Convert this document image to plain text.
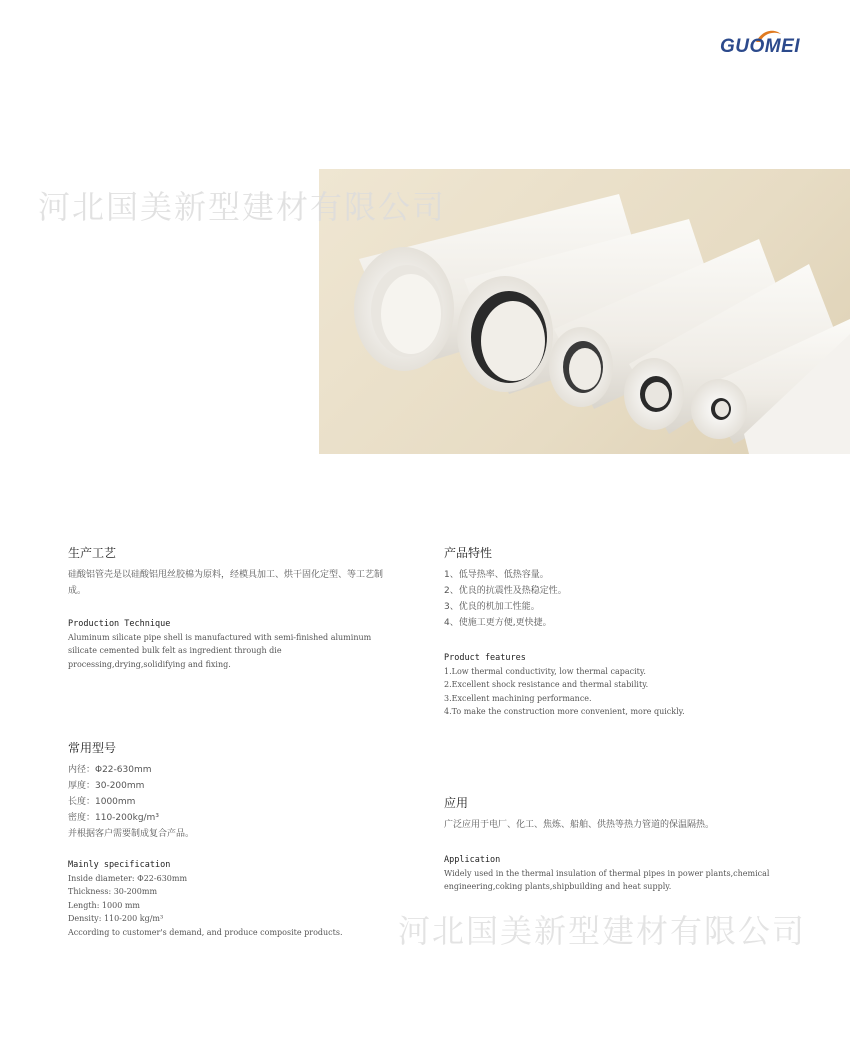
GUOMEI
河北国美新型建材有限公司
河北国美新型建材有限公司
生产工艺

硅酸铝管壳是以硅酸铝甩丝胶棉为原料，经模具加工、烘干固化定型、等工艺制成。

Production Technique

Aluminum silicate pipe shell is manufactured with semi-finished aluminum silicate cemented bulk felt as ingredient through die processing,drying,solidifying and fixing.

产品特性
1、低导热率、低热容量。
2、优良的抗震性及热稳定性。
3、优良的机加工性能。
4、使施工更方便,更快捷。
Product features
1.Low thermal conductivity, low thermal capacity.
2.Excellent shock resistance and thermal stability.
3.Excellent machining performance.
4.To make the construction more convenient, more quickly.
常用型号
内径：Φ22-630mm
厚度：30-200mm
长度：1000mm
密度：110-200kg/m³
并根据客户需要制成复合产品。
Mainly specification
Inside diameter: Φ22-630mm
Thickness: 30-200mm
Length: 1000 mm
Density: 110-200 kg/m³
According to customer's demand, and produce composite products.
应用

广泛应用于电厂、化工、焦炼、船舶、供热等热力管道的保温隔热。

Application

Widely used in the thermal insulation of thermal pipes in power plants,chemical engineering,coking plants,shipbuilding and heat supply.
